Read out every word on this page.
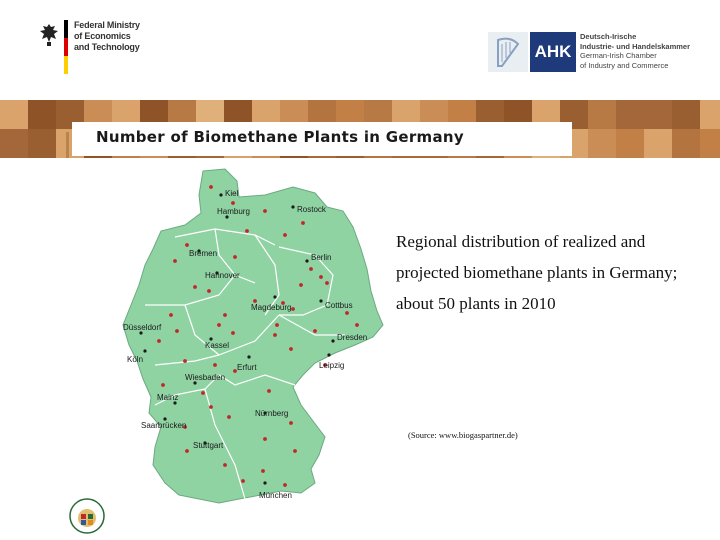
Federal Ministry
of Economics
and Technology	AHK
Deutsch-Irische
Industrie- und Handelskammer
German-Irish Chamber
of Industry and Commerce
Number of Biomethane Plants in Germany
Kiel
Hamburg	Rostock
Bremen	Berlin
Hannover
Magdeburg	Cottbus
Düsseldorf
Kassel
Köln
Dresden
Leipzig
Erfurt
Wiesbaden
Mainz
Saarbrücken
Nürnberg
Stuttgart
München
Regional distribution of realized and projected biomethane plants in Germany; about 50 plants in 2010
(Source: www.biogaspartner.de)
